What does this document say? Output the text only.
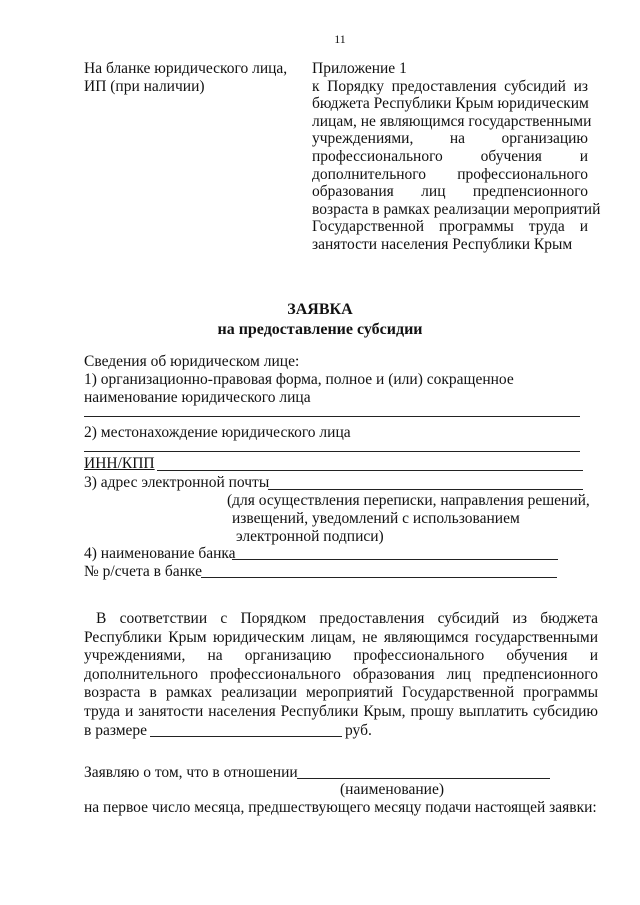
11
На бланке юридического лица,
ИП (при наличии)
Приложение 1
к Порядку предоставления субсидий из
бюджета Республики Крым юридическим
лицам, не являющимся государственными
учреждениями, на организацию
профессионального обучения и
дополнительного профессионального
образования лиц предпенсионного
возраста в рамках реализации мероприятий
Государственной программы труда и
занятости населения Республики Крым
ЗАЯВКА
на предоставление субсидии
Сведения об юридическом лице:
1) организационно-правовая форма, полное и (или) сокращенное
наименование юридического лица
2) местонахождение юридического лица
ИНН/КПП
3) адрес электронной почты
(для осуществления переписки, направления решений,
извещений, уведомлений с использованием
электронной подписи)
4) наименование банка
№ р/счета в банке
В соответствии с Порядком предоставления субсидий из бюджета
Республики Крым юридическим лицам, не являющимся государственными
учреждениями, на организацию профессионального обучения и
дополнительного профессионального образования лиц предпенсионного
возраста в рамках реализации мероприятий Государственной программы
труда и занятости населения Республики Крым, прошу выплатить субсидию
в размере	руб.
Заявляю о том, что в отношении
(наименование)
на первое число месяца, предшествующего месяцу подачи настоящей заявки:
